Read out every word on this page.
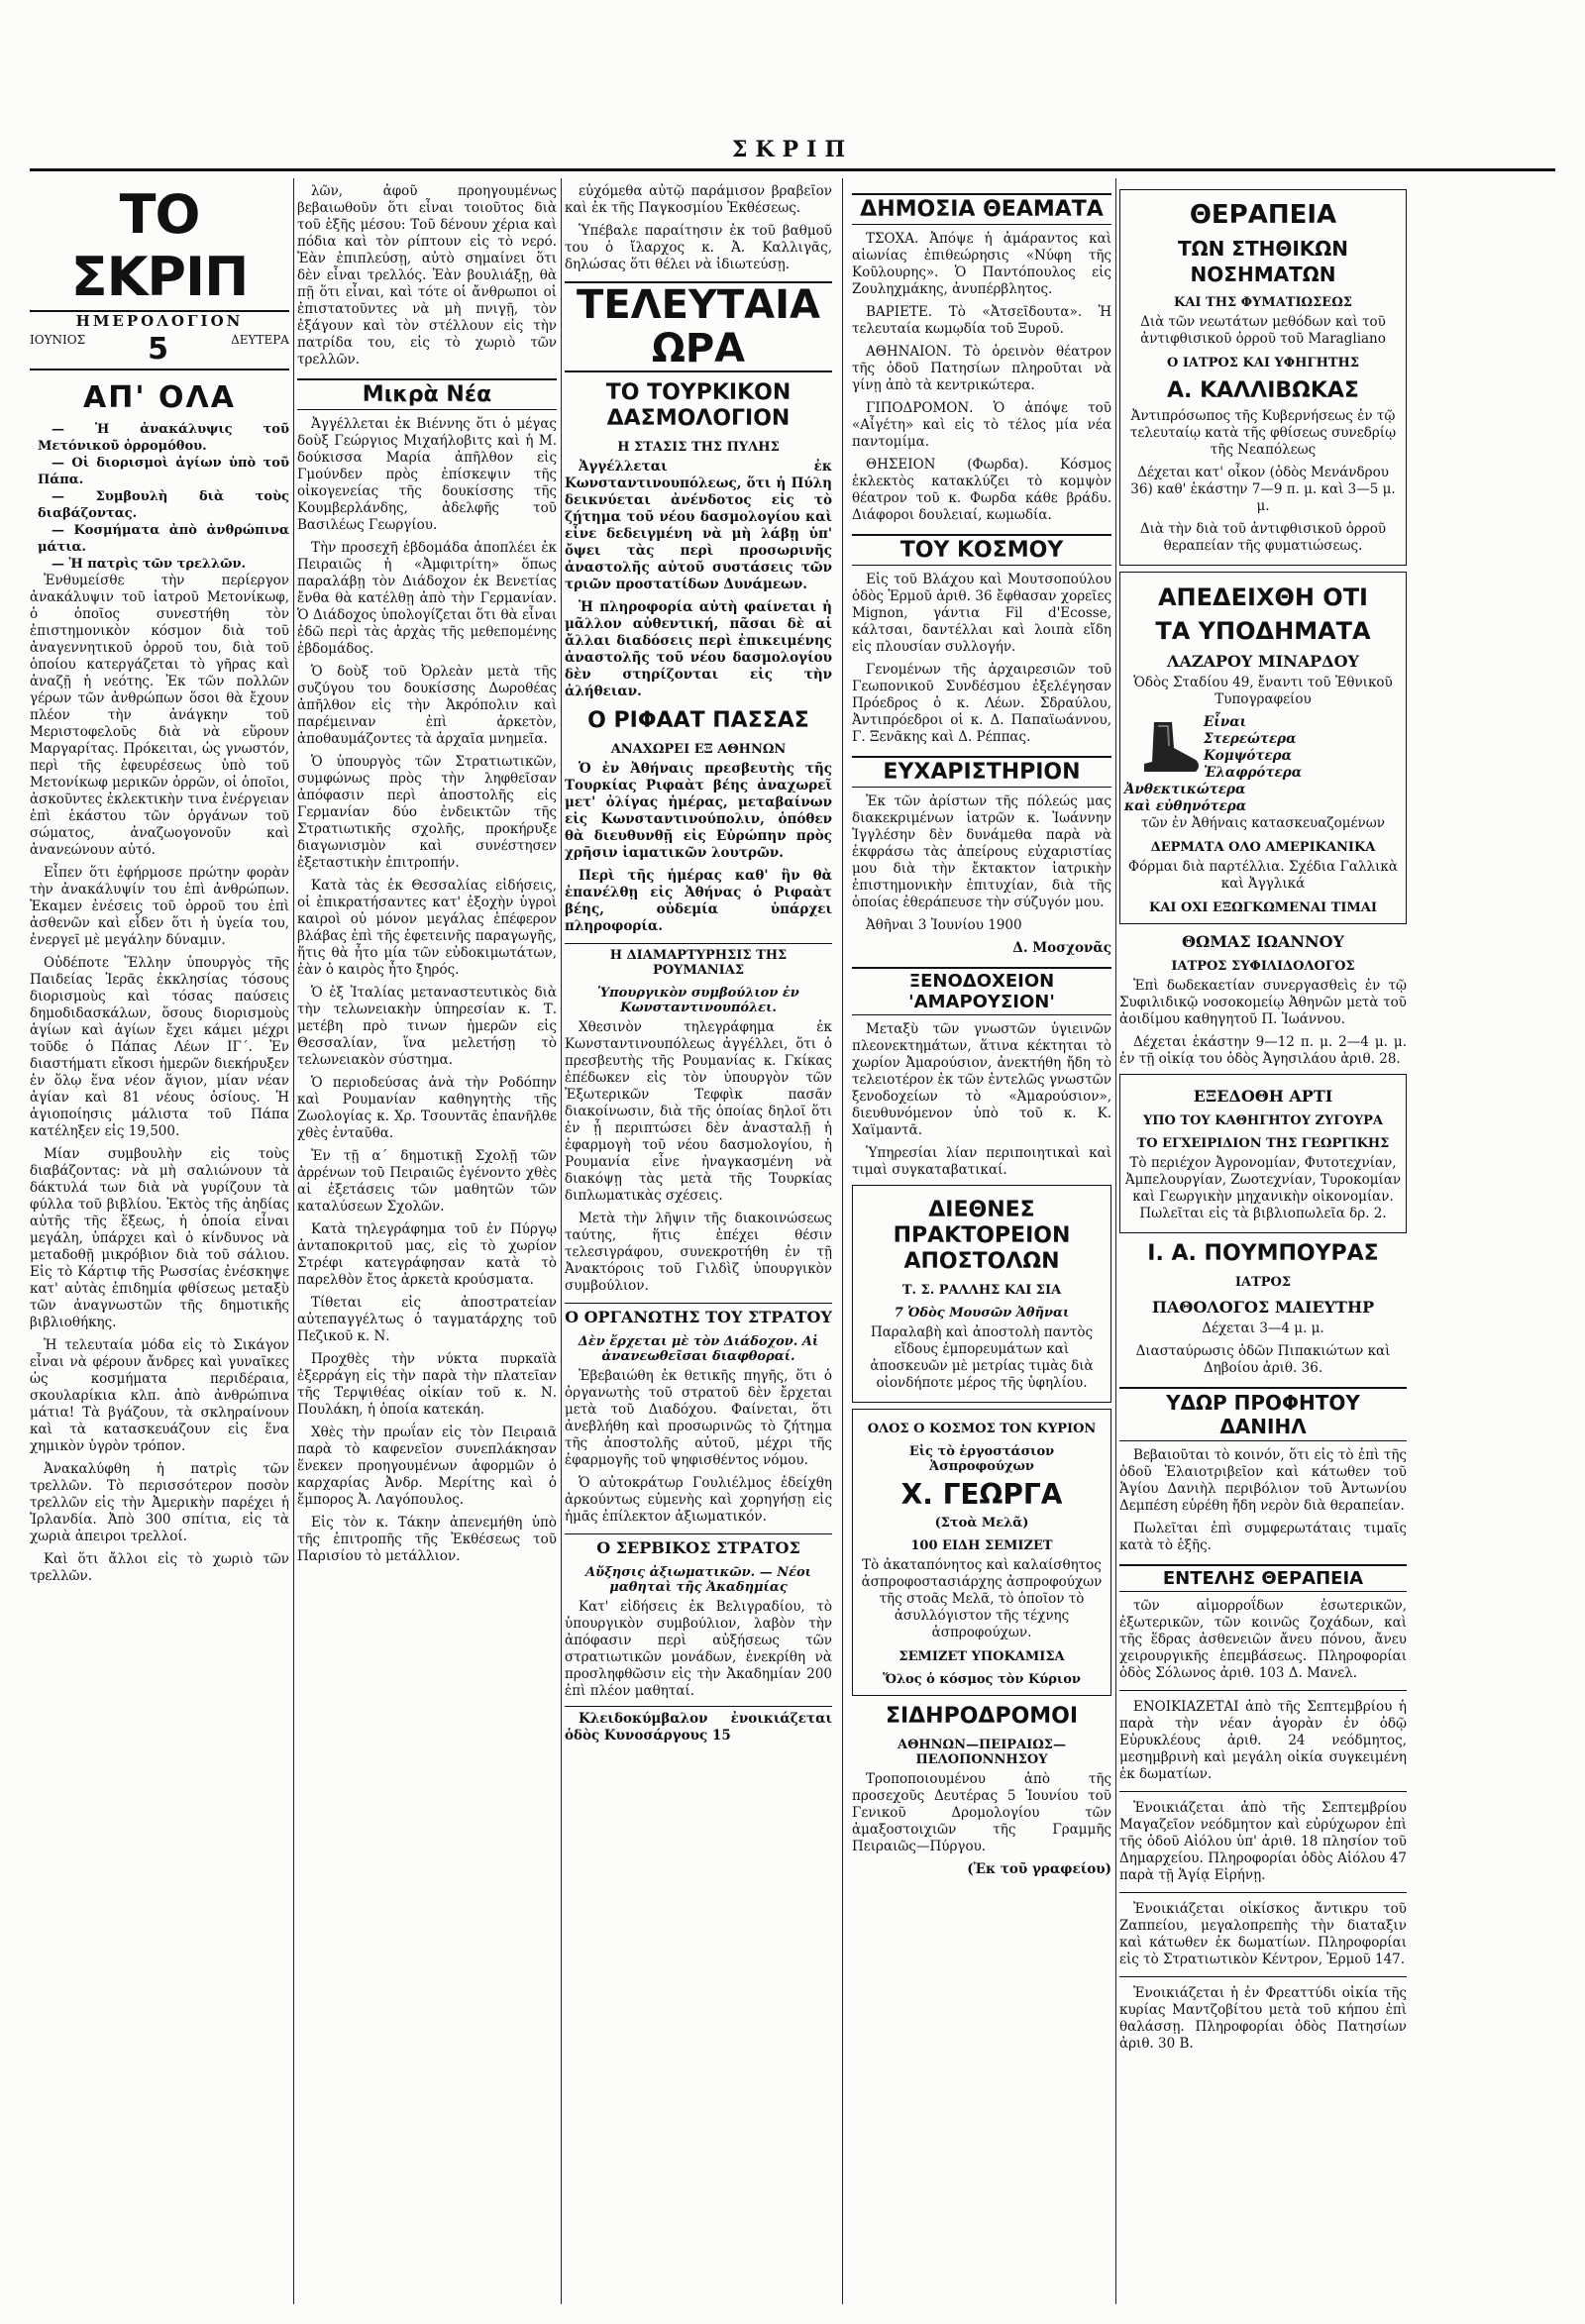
ΣΚΡΙΠ
ΤΟ ΣΚΡΙΠ
ΗΜΕΡΟΛΟΓΙΟΝ
ΙΟΥΝΙΟΣ 5	ΔΕΥΤΕΡΑ
ΑΠ' ΟΛΑ

— Ἡ ἀνακάλυψις τοῦ Μετόνικοῦ ὀρρομόθου.

— Οἱ διορισμοὶ ἁγίων ὑπὸ τοῦ Πάπα.

— Συμβουλὴ διὰ τοὺς διαβάζοντας.

— Κοσμήματα ἀπὸ ἀνθρώπινα μάτια.

— Ἡ πατρὶς τῶν τρελλῶν.

Ἐνθυμείσθε τὴν περίεργον ἀνακάλυψιν τοῦ ἰατροῦ Μετονίκωφ, ὁ ὁποῖος συνεστήθη τὸν ἐπιστημονικὸν κόσμον διὰ τοῦ ἀναγεννητικοῦ ὀρροῦ του, διὰ τοῦ ὁποίου κατεργάζεται τὸ γῆρας καὶ ἀναζῇ ἡ νεότης. Ἐκ τῶν πολλῶν γέρων τῶν ἀνθρώπων ὅσοι θὰ ἔχουν πλέον τὴν ἀνάγκην τοῦ Μεριστοφελοῦς διὰ νὰ εὕρουν Μαργαρίτας. Πρόκειται, ὡς γνωστόν, περὶ τῆς ἐφευρέσεως ὑπὸ τοῦ Μετονίκωφ μερικῶν ὀρρῶν, οἱ ὁποῖοι, ἀσκοῦντες ἐκλεκτικὴν τινα ἐνέργειαν ἐπὶ ἑκάστου τῶν ὀργάνων τοῦ σώματος, ἀναζωογονοῦν καὶ ἀνανεώνουν αὐτό.

Εἶπεν ὅτι ἐφήρμοσε πρώτην φορὰν τὴν ἀνακάλυψίν του ἐπὶ ἀνθρώπων. Ἐκαμεν ἐνέσεις τοῦ ὀρροῦ του ἐπὶ ἀσθενῶν καὶ εἶδεν ὅτι ἡ ὑγεία του, ἐνεργεῖ μὲ μεγάλην δύναμιν.

Οὐδέποτε Ἕλλην ὑπουργὸς τῆς Παιδείας Ἱερᾶς ἐκκλησίας τόσους διορισμοὺς καὶ τόσας παύσεις δημοδιδασκάλων, ὅσους διορισμοὺς ἁγίων καὶ ἁγίων ἔχει κάμει μέχρι τοῦδε ὁ Πάπας Λέων ΙΓ΄. Ἐν διαστήματι εἴκοσι ἡμερῶν διεκήρυξεν ἐν ὅλῳ ἕνα νέον ἅγιον, μίαν νέαν ἁγίαν καὶ 81 νέους ὁσίους. Ἡ ἁγιοποίησις μάλιστα τοῦ Πάπα κατέληξεν εἰς 19,500.

Μίαν συμβουλὴν εἰς τοὺς διαβάζοντας: νὰ μὴ σαλιώνουν τὰ δάκτυλά των διὰ νὰ γυρίζουν τὰ φύλλα τοῦ βιβλίου. Ἐκτὸς τῆς ἀηδίας αὐτῆς τῆς ἕξεως, ἡ ὁποία εἶναι μεγάλη, ὑπάρχει καὶ ὁ κίνδυνος νὰ μεταδοθῇ μικρόβιον διὰ τοῦ σάλιου. Εἰς τὸ Κάρτιφ τῆς Ρωσσίας ἐνέσκηψε κατ' αὐτὰς ἐπιδημία φθίσεως μεταξὺ τῶν ἀναγνωστῶν τῆς δημοτικῆς βιβλιοθήκης.

Ἡ τελευταία μόδα εἰς τὸ Σικάγον εἶναι νὰ φέρουν ἄνδρες καὶ γυναῖκες ὡς κοσμήματα περιδέραια, σκουλαρίκια κλπ. ἀπὸ ἀνθρώπινα μάτια! Τὰ βγάζουν, τὰ σκληραίνουν καὶ τὰ κατασκευάζουν εἰς ἕνα χημικὸν ὑγρὸν τρόπον.

Ἀνακαλύφθη ἡ πατρὶς τῶν τρελλῶν. Τὸ περισσότερον ποσὸν τρελλῶν εἰς τὴν Ἀμερικὴν παρέχει ἡ Ἰρλανδία. Ἀπὸ 300 σπίτια, εἰς τὰ χωριὰ ἀπειροι τρελλοί.

Καὶ ὅτι ἄλλοι εἰς τὸ χωριὸ τῶν τρελλῶν.

λῶν, ἀφοῦ προηγουμένως βεβαιωθοῦν ὅτι εἶναι τοιοῦτος διὰ τοῦ ἑξῆς μέσου: Τοῦ δένουν χέρια καὶ πόδια καὶ τὸν ρίπτουν εἰς τὸ νερό. Ἐὰν ἐπιπλεύσῃ, αὐτὸ σημαίνει ὅτι δὲν εἶναι τρελλός. Ἐὰν βουλιάξῃ, θὰ πῇ ὅτι εἶναι, καὶ τότε οἱ ἄνθρωποι οἱ ἐπιστατοῦντες νὰ μὴ πνιγῇ, τὸν ἐξάγουν καὶ τὸν στέλλουν εἰς τὴν πατρίδα του, εἰς τὸ χωριὸ τῶν τρελλῶν.

Μικρὰ Νέα

Ἀγγέλλεται ἐκ Βιέννης ὅτι ὁ μέγας δοὺξ Γεώργιος Μιχαήλοβιτς καὶ ἡ Μ. δούκισσα Μαρία ἀπῆλθον εἰς Γμούνδεν πρὸς ἐπίσκεψιν τῆς οἰκογενείας τῆς δουκίσσης τῆς Κουμβερλάνδης, ἀδελφῆς τοῦ Βασιλέως Γεωργίου.

Τὴν προσεχῆ ἑβδομάδα ἀποπλέει ἐκ Πειραιῶς ἡ «Ἀμφιτρίτη» ὅπως παραλάβῃ τὸν Διάδοχον ἐκ Βενετίας ἔνθα θὰ κατέλθῃ ἀπὸ τὴν Γερμανίαν. Ὁ Διάδοχος ὑπολογίζεται ὅτι θὰ εἶναι ἐδῶ περὶ τὰς ἀρχὰς τῆς μεθεπομένης ἑβδομάδος.

Ὁ δοὺξ τοῦ Ὀρλεὰν μετὰ τῆς συζύγου του δουκίσσης Δωροθέας ἀπῆλθον εἰς τὴν Ἀκρόπολιν καὶ παρέμειναν ἐπὶ ἀρκετὸν, ἀποθαυμάζοντες τὰ ἀρχαῖα μνημεῖα.

Ὁ ὑπουργὸς τῶν Στρατιωτικῶν, συμφώνως πρὸς τὴν ληφθεῖσαν ἀπόφασιν περὶ ἀποστολῆς εἰς Γερμανίαν δύο ἐνδεικτῶν τῆς Στρατιωτικῆς σχολῆς, προκήρυξε διαγωνισμὸν καὶ συνέστησεν ἐξεταστικὴν ἐπιτροπήν.

Κατὰ τὰς ἐκ Θεσσαλίας εἰδήσεις, οἱ ἐπικρατήσαντες κατ' ἐξοχὴν ὑγροὶ καιροὶ οὐ μόνον μεγάλας ἐπέφερον βλάβας ἐπὶ τῆς ἐφετεινῆς παραγωγῆς, ἥτις θὰ ἦτο μία τῶν εὐδοκιμωτάτων, ἐὰν ὁ καιρὸς ἦτο ξηρός.

Ὁ ἐξ Ἰταλίας μεταναστευτικὸς διὰ τὴν τελωνειακὴν ὑπηρεσίαν κ. Τ. μετέβη πρὸ τινων ἡμερῶν εἰς Θεσσαλίαν, ἵνα μελετήσῃ τὸ τελωνειακὸν σύστημα.

Ὁ περιοδεύσας ἀνὰ τὴν Ροδόπην καὶ Ρουμανίαν καθηγητὴς τῆς Ζωολογίας κ. Χρ. Τσουντᾶς ἐπανῆλθε χθὲς ἐνταῦθα.

Ἐν τῇ α΄ δημοτικῇ Σχολῇ τῶν ἀρρένων τοῦ Πειραιῶς ἐγένοντο χθὲς αἱ ἐξετάσεις τῶν μαθητῶν τῶν καταλύσεων Σχολῶν.

Κατὰ τηλεγράφημα τοῦ ἐν Πύργῳ ἀνταποκριτοῦ μας, εἰς τὸ χωρίον Στρέφι κατεγράφησαν κατὰ τὸ παρελθὸν ἔτος ἀρκετὰ κρούσματα.

Τίθεται εἰς ἀποστρατείαν αὐτεπαγγέλτως ὁ ταγματάρχης τοῦ Πεζικοῦ κ. Ν.

Προχθὲς τὴν νύκτα πυρκαϊὰ ἐξερράγη εἰς τὴν παρὰ τὴν πλατεῖαν τῆς Τερψιθέας οἰκίαν τοῦ κ. Ν. Πουλάκη, ἡ ὁποία κατεκάη.

Χθὲς τὴν πρωΐαν εἰς τὸν Πειραιᾶ παρὰ τὸ καφενεῖον συνεπλάκησαν ἕνεκεν προηγουμένων ἀφορμῶν ὁ καρχαρίας Ἀνδρ. Μερίτης καὶ ὁ ἔμπορος Ἀ. Λαγόπουλος.

Εἰς τὸν κ. Τάκην ἀπενεμήθη ὑπὸ τῆς ἐπιτροπῆς τῆς Ἐκθέσεως τοῦ Παρισίου τὸ μετάλλιον.

εὐχόμεθα αὐτῷ παράμισον βραβεῖον καὶ ἐκ τῆς Παγκοσμίου Ἐκθέσεως.

Ὑπέβαλε παραίτησιν ἐκ τοῦ βαθμοῦ του ὁ ἴλαρχος κ. Ἀ. Καλλιγᾶς, δηλώσας ὅτι θέλει νὰ ἰδιωτεύσῃ.

ΤΕΛΕΥΤΑΙΑ ΩΡΑ
ΤΟ ΤΟΥΡΚΙΚΟΝ ΔΑΣΜΟΛΟΓΙΟΝ
Η ΣΤΑΣΙΣ ΤΗΣ ΠΥΛΗΣ

Ἀγγέλλεται ἐκ Κωνσταντινουπόλεως, ὅτι ἡ Πύλη δεικνύεται ἀνένδοτος εἰς τὸ ζήτημα τοῦ νέου δασμολογίου καὶ εἶνε δεδειγμένη νὰ μὴ λάβῃ ὑπ' ὄψει τὰς περὶ προσωρινῆς ἀναστολῆς αὐτοῦ συστάσεις τῶν τριῶν προστατίδων Δυνάμεων.

Ἡ πληροφορία αὐτὴ φαίνεται ἡ μᾶλλον αὐθεντική, πᾶσαι δὲ αἱ ἄλλαι διαδόσεις περὶ ἐπικειμένης ἀναστολῆς τοῦ νέου δασμολογίου δὲν στηρίζονται εἰς τὴν ἀλήθειαν.

Ο ΡΙΦΑΑΤ ΠΑΣΣΑΣ
ΑΝΑΧΩΡΕΙ ΕΞ ΑΘΗΝΩΝ

Ὁ ἐν Ἀθήναις πρεσβευτὴς τῆς Τουρκίας Ριφαὰτ βέης ἀναχωρεῖ μετ' ὀλίγας ἡμέρας, μεταβαίνων εἰς Κωνσταντινούπολιν, ὁπόθεν θὰ διευθυνθῇ εἰς Εὐρώπην πρὸς χρῆσιν ἰαματικῶν λουτρῶν.

Περὶ τῆς ἡμέρας καθ' ἣν θὰ ἐπανέλθῃ εἰς Ἀθήνας ὁ Ριφαὰτ βέης, οὐδεμία ὑπάρχει πληροφορία.

Η ΔΙΑΜΑΡΤΥΡΗΣΙΣ ΤΗΣ ΡΟΥΜΑΝΙΑΣ
Ὑπουργικὸν συμβούλιον ἐν Κωνσταντινουπόλει.

Χθεσινὸν τηλεγράφημα ἐκ Κωνσταντινουπόλεως ἀγγέλλει, ὅτι ὁ πρεσβευτὴς τῆς Ρουμανίας κ. Γκίκας ἐπέδωκεν εἰς τὸν ὑπουργὸν τῶν Ἐξωτερικῶν Τεφφὶκ πασᾶν διακοίνωσιν, διὰ τῆς ὁποίας δηλοῖ ὅτι ἐν ᾗ περιπτώσει δὲν ἀνασταλῇ ἡ ἐφαρμογὴ τοῦ νέου δασμολογίου, ἡ Ρουμανία εἶνε ἠναγκασμένη νὰ διακόψῃ τὰς μετὰ τῆς Τουρκίας διπλωματικὰς σχέσεις.

Μετὰ τὴν λῆψιν τῆς διακοινώσεως ταύτης, ἥτις ἐπέχει θέσιν τελεσιγράφου, συνεκροτήθη ἐν τῇ Ἀνακτόροις τοῦ Γιλδὶζ ὑπουργικὸν συμβούλιον.

Ο ΟΡΓΑΝΩΤΗΣ ΤΟΥ ΣΤΡΑΤΟΥ
Δὲν ἔρχεται μὲ τὸν Διάδοχον. Αἱ ἀνανεωθεῖσαι διαφθοραί.

Ἐβεβαιώθη ἐκ θετικῆς πηγῆς, ὅτι ὁ ὀργανωτὴς τοῦ στρατοῦ δὲν ἔρχεται μετὰ τοῦ Διαδόχου. Φαίνεται, ὅτι ἀνεβλήθη καὶ προσωρινῶς τὸ ζήτημα τῆς ἀποστολῆς αὐτοῦ, μέχρι τῆς ἐφαρμογῆς τοῦ ψηφισθέντος νόμου.

Ὁ αὐτοκράτωρ Γουλιέλμος ἐδείχθη ἀρκούντως εὐμενὴς καὶ χορηγήσῃ εἰς ἡμᾶς ἐπίλεκτον ἀξιωματικόν.

Ο ΣΕΡΒΙΚΟΣ ΣΤΡΑΤΟΣ
Αὔξησις ἀξιωματικῶν. — Νέοι μαθηταὶ τῆς Ἀκαδημίας

Κατ' εἰδήσεις ἐκ Βελιγραδίου, τὸ ὑπουργικὸν συμβούλιον, λαβὸν τὴν ἀπόφασιν περὶ αὐξήσεως τῶν στρατιωτικῶν μονάδων, ἐνεκρίθη νὰ προσληφθῶσιν εἰς τὴν Ἀκαδημίαν 200 ἐπὶ πλέον μαθηταί.

Κλειδοκύμβαλον ἐνοικιάζεται ὁδὸς Κυνοσάργους 15

ΔΗΜΟΣΙΑ ΘΕΑΜΑΤΑ

ΤΣΟΧΑ. Ἀπόψε ἡ ἀμάραντος καὶ αἰωνίας ἐπιθεώρησις «Νύφη τῆς Κοῦλουρης». Ὁ Παντόπουλος εἰς Ζουληχμάκης, ἀνυπέρβλητος.

ΒΑΡΙΕΤΕ. Τὸ «Ἀτσεῖδουτα». Ἡ τελευταία κωμῳδία τοῦ Ξυροῦ.

ΑΘΗΝΑΙΟΝ. Τὸ ὁρεινὸν θέατρον τῆς ὁδοῦ Πατησίων πληροῦται νὰ γίνῃ ἀπὸ τὰ κεντρικώτερα.

ΓΙΠΟΔΡΟΜΟΝ. Ὁ ἀπόψε τοῦ «Αἶγέτη» καὶ εἰς τὸ τέλος μία νέα παντομίμα.

ΘΗΣΕΙΟΝ (Φωρδα). Κόσμος ἐκλεκτὸς κατακλύζει τὸ κομψὸν θέατρον τοῦ κ. Φωρδα κάθε βράδυ. Διάφοροι δουλειαί, κωμωδία.

ΤΟΥ ΚΟΣΜΟΥ

Εἰς τοῦ Βλάχου καὶ Μουτσοπούλου ὁδὸς Ἑρμοῦ ἀριθ. 36 ἔφθασαν χορεῖες Mignon, γάντια Fil d'Ecosse, κάλτσαι, δαντέλλαι καὶ λοιπὰ εἴδη εἰς πλουσίαν συλλογήν.

Γενομένων τῆς ἀρχαιρεσιῶν τοῦ Γεωπονικοῦ Συνδέσμου ἐξελέγησαν Πρόεδρος ὁ κ. Λέων. Σδραύλου, Ἀντιπρόεδροι οἱ κ. Δ. Παπαϊωάννου, Γ. Ξενᾶκης καὶ Δ. Ρέππας.

ΕΥΧΑΡΙΣΤΗΡΙΟΝ

Ἐκ τῶν ἀρίστων τῆς πόλεώς μας διακεκριμένων ἰατρῶν κ. Ἰωάννην Ἰγγλέσην δὲν δυνάμεθα παρὰ νὰ ἐκφράσω τὰς ἀπείρους εὐχαριστίας μου διὰ τὴν ἔκτακτον ἰατρικὴν ἐπιστημονικὴν ἐπιτυχίαν, διὰ τῆς ὁποίας ἐθεράπευσε τὴν σύζυγόν μου.

Ἀθῆναι 3 Ἰουνίου 1900

Δ. Μοσχονᾶς

ΞΕΝΟΔΟΧΕΙΟΝ 'ΑΜΑΡΟΥΣΙΟΝ'

Μεταξὺ τῶν γνωστῶν ὑγιεινῶν πλεονεκτημάτων, ἅτινα κέκτηται τὸ χωρίον Ἀμαρούσιον, ἀνεκτήθη ἤδη τὸ τελειοτέρον ἐκ τῶν ἐντελῶς γνωστῶν ξενοδοχείων τὸ «Ἀμαρούσιον», διευθυνόμενον ὑπὸ τοῦ κ. Κ. Χαϊμαντᾶ.

Ὑπηρεσίαι λίαν περιποιητικαὶ καὶ τιμαὶ συγκαταβατικαί.

ΔΙΕΘΝΕΣ ΠΡΑΚΤΟΡΕΙΟΝ ΑΠΟΣΤΟΛΩΝ
Τ. Σ. ΡΑΛΛΗΣ ΚΑΙ ΣΙΑ
7 Ὁδὸς Μουσῶν Ἀθῆναι

Παραλαβὴ καὶ ἀποστολὴ παντὸς εἴδους ἐμπορευμάτων καὶ ἀποσκευῶν μὲ μετρίας τιμὰς διὰ οἱονδήποτε μέρος τῆς ὑφηλίου.

ΟΛΟΣ Ο ΚΟΣΜΟΣ ΤΟΝ ΚΥΡΙΟΝ
Εἰς τὸ ἐργοστάσιον Ἀσπροφούχων
Χ. ΓΕΩΡΓΑ
(Στοὰ Μελᾶ)
100 ΕΙΔΗ ΣΕΜΙΖΕΤ

Τὸ ἀκαταπόνητος καὶ καλαίσθητος ἀσπροφοστασιάρχης ἀσπροφούχων τῆς στοᾶς Μελᾶ, τὸ ὁποῖον τὸ ἀσυλλόγιστον τῆς τέχνης ἀσπροφούχων.

ΣΕΜΙΖΕΤ ΥΠΟΚΑΜΙΣΑ
Ὅλος ὁ κόσμος τὸν Κύριον
ΣΙΔΗΡΟΔΡΟΜΟΙ
ΑΘΗΝΩΝ—ΠΕΙΡΑΙΩΣ—ΠΕΛΟΠΟΝΝΗΣΟΥ

Τροποποιουμένου ἀπὸ τῆς προσεχοῦς Δευτέρας 5 Ἰουνίου τοῦ Γενικοῦ Δρομολογίου τῶν ἀμαξοστοιχιῶν τῆς Γραμμῆς Πειραιῶς—Πύργου.

(Ἐκ τοῦ γραφείου)

ΘΕΡΑΠΕΙΑ
ΤΩΝ ΣΤΗΘΙΚΩΝ ΝΟΣΗΜΑΤΩΝ
ΚΑΙ ΤΗΣ ΦΥΜΑΤΙΩΣΕΩΣ

Διὰ τῶν νεωτάτων μεθόδων καὶ τοῦ ἀντιφθισικοῦ ὀρροῦ τοῦ Maragliano

Ο ΙΑΤΡΟΣ ΚΑΙ ΥΦΗΓΗΤΗΣ
Α. ΚΑΛΛΙΒΩΚΑΣ

Ἀντιπρόσωπος τῆς Κυβερνήσεως ἐν τῷ τελευταίῳ κατὰ τῆς φθίσεως συνεδρίῳ τῆς Νεαπόλεως

Δέχεται κατ' οἶκον (ὁδὸς Μενάνδρου 36) καθ' ἑκάστην 7—9 π. μ. καὶ 3—5 μ. μ.

Διὰ τὴν διὰ τοῦ ἀντιφθισικοῦ ὀρροῦ θεραπείαν τῆς φυματιώσεως.

ΑΠΕΔΕΙΧΘΗ ΟΤΙ
ΤΑ ΥΠΟΔΗΜΑΤΑ
ΛΑΖΑΡΟΥ ΜΙΝΑΡΔΟΥ

Ὁδὸς Σταδίου 49, ἔναντι τοῦ Ἐθνικοῦ Τυπογραφείου

Εἶναι
Στερεώτερα
Κομψότερα
Ἐλαφρότερα
Ἀνθεκτικώτερα
καὶ εὐθηνότερα

τῶν ἐν Ἀθήναις κατασκευαζομένων

ΔΕΡΜΑΤΑ ΟΛΟ ΑΜΕΡΙΚΑΝΙΚΑ

Φόρμαι διὰ παρτέλλια. Σχέδια Γαλλικὰ καὶ Ἀγγλικά

ΚΑΙ ΟΧΙ ΕΞΩΓΚΩΜΕΝΑΙ ΤΙΜΑΙ
ΘΩΜΑΣ ΙΩΑΝΝΟΥ
ΙΑΤΡΟΣ ΣΥΦΙΛΙΔΟΛΟΓΟΣ

Ἐπὶ δωδεκαετίαν συνεργασθεὶς ἐν τῷ Συφιλιδικῷ νοσοκομείῳ Ἀθηνῶν μετὰ τοῦ ἀοιδίμου καθηγητοῦ Π. Ἰωάννου.

Δέχεται ἑκάστην 9—12 π. μ. 2—4 μ. μ. ἐν τῇ οἰκίᾳ του ὁδὸς Ἀγησιλάου ἀριθ. 28.

ΕΞΕΔΟΘΗ ΑΡΤΙ
ΥΠΟ ΤΟΥ ΚΑΘΗΓΗΤΟΥ ΖΥΓΟΥΡΑ
ΤΟ ΕΓΧΕΙΡΙΔΙΟΝ ΤΗΣ ΓΕΩΡΓΙΚΗΣ

Τὸ περιέχον Ἀγρονομίαν, Φυτοτεχνίαν, Ἀμπελουργίαν, Ζωοτεχνίαν, Τυροκομίαν καὶ Γεωργικὴν μηχανικὴν οἰκονομίαν. Πωλεῖται εἰς τὰ βιβλιοπωλεῖα δρ. 2.

Ι. Α. ΠΟΥΜΠΟΥΡΑΣ
ΙΑΤΡΟΣ
ΠΑΘΟΛΟΓΟΣ ΜΑΙΕΥΤΗΡ

Δέχεται 3—4 μ. μ.

Διασταύρωσις ὁδῶν Πιπακιώτων καὶ Δηβοίου ἀριθ. 36.

ΥΔΩΡ ΠΡΟΦΗΤΟΥ ΔΑΝΙΗΛ

Βεβαιοῦται τὸ κοινόν, ὅτι εἰς τὸ ἐπὶ τῆς ὁδοῦ Ἐλαιοτριβεῖον καὶ κάτωθεν τοῦ Ἁγίου Δανιὴλ περιβόλιον τοῦ Ἀντωνίου Δεμπέση εὑρέθη ἤδη νερὸν διὰ θεραπείαν.

Πωλεῖται ἐπὶ συμφερωτάταις τιμαῖς κατὰ τὸ ἑξῆς.

ΕΝΤΕΛΗΣ ΘΕΡΑΠΕΙΑ

τῶν αἱμορροΐδων ἐσωτερικῶν, ἐξωτερικῶν, τῶν κοινῶς ζοχάδων, καὶ τῆς ἕδρας ἀσθενειῶν ἄνευ πόνου, ἄνευ χειρουργικῆς ἐπεμβάσεως. Πληροφορίαι ὁδὸς Σόλωνος ἀριθ. 103 Δ. Μανελ.

ΕΝΟΙΚΙΑΖΕΤΑΙ ἀπὸ τῆς Σεπτεμβρίου ἡ παρὰ τὴν νέαν ἀγορὰν ἐν ὁδῷ Εὐρυκλέους ἀριθ. 24 νεόδμητος, μεσημβρινὴ καὶ μεγάλη οἰκία συγκειμένη ἐκ δωματίων.

Ἐνοικιάζεται ἀπὸ τῆς Σεπτεμβρίου Μαγαζεῖον νεόδμητον καὶ εὐρύχωρον ἐπὶ τῆς ὁδοῦ Αἰόλου ὑπ' ἀριθ. 18 πλησίον τοῦ Δημαρχείου. Πληροφορίαι ὁδὸς Αἰόλου 47 παρὰ τῇ Ἁγίᾳ Εἰρήνῃ.

Ἐνοικιάζεται οἰκίσκος ἄντικρυ τοῦ Ζαππείου, μεγαλοπρεπὴς τὴν διαταξιν καὶ κάτωθεν ἐκ δωματίων. Πληροφορίαι εἰς τὸ Στρατιωτικὸν Κέντρον, Ἑρμοῦ 147.

Ἐνοικιάζεται ἡ ἐν Φρεαττύδι οἰκία τῆς κυρίας Μαντζοβίτου μετὰ τοῦ κήπου ἐπὶ θαλάσσῃ. Πληροφορίαι ὁδὸς Πατησίων ἀριθ. 30 Β.
